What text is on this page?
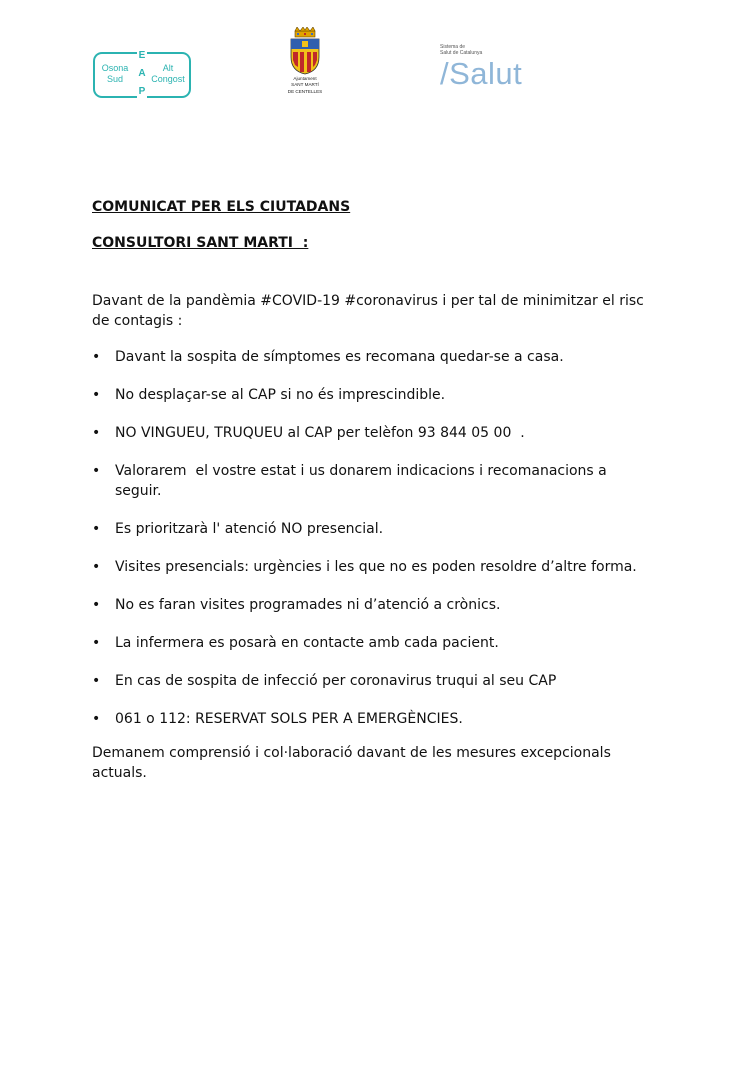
Osona
Sud
E
A
P
Alt
Congost	Ajuntament
SANT MARTÍ
DE CENTELLES
Sistema de
Salut de Catalunya
/Salut
COMUNICAT PER ELS CIUTADANS
CONSULTORI SANT MARTI  :
Davant de la pandèmia #COVID-19 #coronavirus i per tal de minimitzar el risc de contagis :
• Davant la sospita de símptomes es recomana quedar-se a casa.
• No desplaçar-se al CAP si no és imprescindible.
• NO VINGUEU, TRUQUEU al CAP per telèfon 93 844 05 00  .
• Valorarem  el vostre estat i us donarem indicacions i recomanacions a seguir.
• Es prioritzarà l' atenció NO presencial.
• Visites presencials: urgències i les que no es poden resoldre d’altre forma.
• No es faran visites programades ni d’atenció a crònics.
• La infermera es posarà en contacte amb cada pacient.
• En cas de sospita de infecció per coronavirus truqui al seu CAP
• 061 o 112: RESERVAT SOLS PER A EMERGÈNCIES.
Demanem comprensió i col·laboració davant de les mesures excepcionals actuals.
